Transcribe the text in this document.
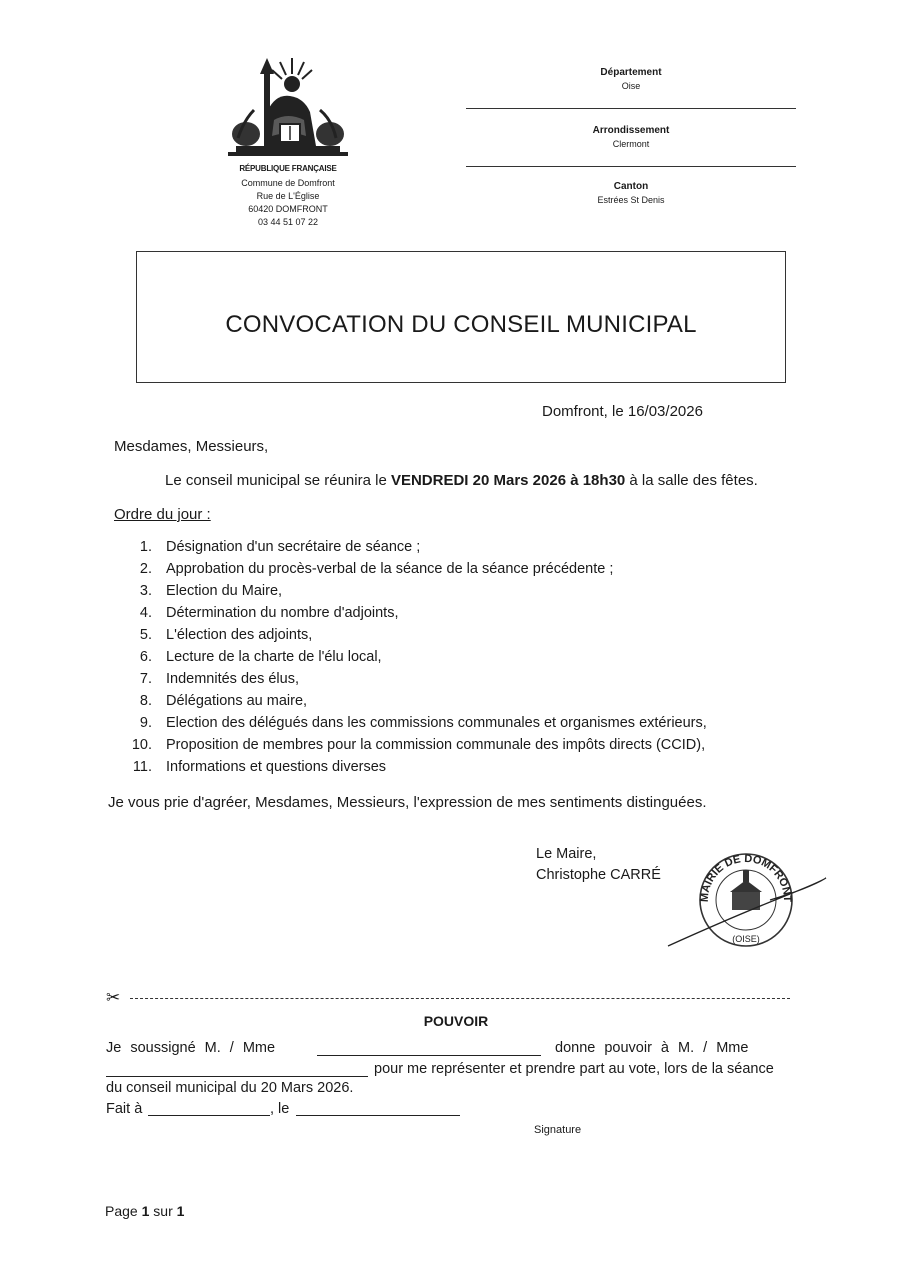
RÉPUBLIQUE FRANÇAISE
Commune de Domfront
Rue de L'Église
60420 DOMFRONT
03 44 51 07 22
Département
Oise
Arrondissement
Clermont
Canton
Estrées St Denis
CONVOCATION DU CONSEIL MUNICIPAL
Domfront, le 16/03/2026
Mesdames, Messieurs,
Le conseil municipal se réunira le VENDREDI 20 Mars 2026 à 18h30 à la salle des fêtes.
Ordre du jour :
1. Désignation d'un secrétaire de séance ;
2. Approbation du procès-verbal de la séance de la séance précédente ;
3. Election du Maire,
4. Détermination du nombre d'adjoints,
5. L'élection des adjoints,
6. Lecture de la charte de l'élu local,
7. Indemnités des élus,
8. Délégations au maire,
9. Election des délégués dans les commissions communales et organismes extérieurs,
10. Proposition de membres pour la commission communale des impôts directs (CCID),
11. Informations et questions diverses
Je vous prie d'agréer, Mesdames, Messieurs, l'expression de mes sentiments distinguées.
Le Maire,
Christophe CARRÉ
MAIRIE DE DOMFRONT
(OISE)
✂
POUVOIR
Je soussigné M. / Mme	donne pouvoir à M. / Mme
pour me représenter et prendre part au vote, lors de la séance
du conseil municipal du 20 Mars 2026.
Fait à	, le
Signature
Page 1 sur 1
